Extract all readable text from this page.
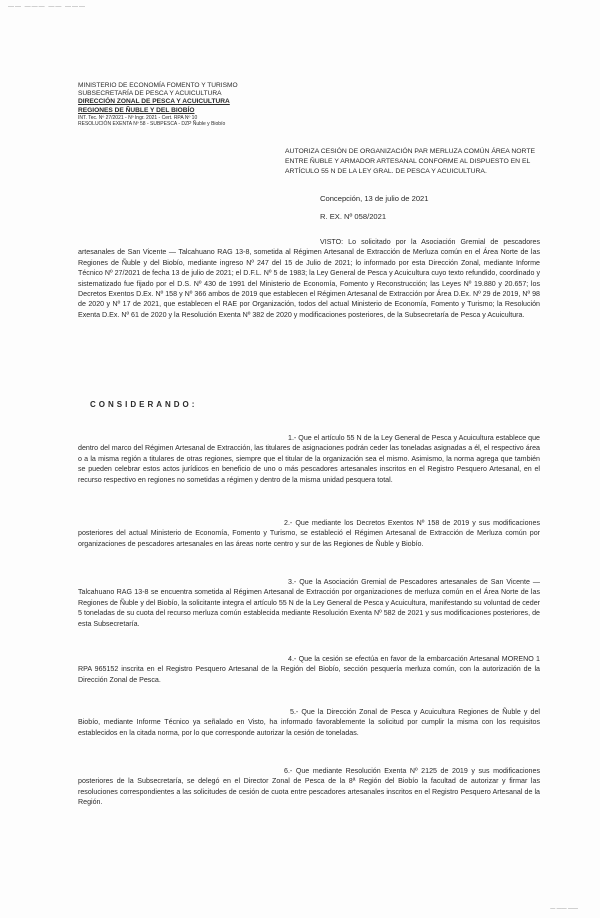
—— ——— —— ———
MINISTERIO DE ECONOMÍA FOMENTO Y TURISMO
SUBSECRETARÍA DE PESCA Y ACUICULTURA
DIRECCIÓN ZONAL DE PESCA Y ACUICULTURA
REGIONES DE ÑUBLE Y DEL BIOBÍO
INT. Tec. Nº 27/2021 - Nº Ingr. 2021 - Cert. RPA Nº 10
RESOLUCIÓN EXENTA Nº 58 - SUBPESCA - DZP Ñuble y Biobío
AUTORIZA CESIÓN DE ORGANIZACIÓN PAR MERLUZA COMÚN ÁREA NORTE ENTRE ÑUBLE Y ARMADOR ARTESANAL CONFORME AL DISPUESTO EN EL ARTÍCULO 55 N DE LA LEY GRAL. DE PESCA Y ACUICULTURA.
Concepción, 13 de julio de 2021
R. EX. Nº 058/2021
VISTO: Lo solicitado por la Asociación Gremial de pescadores artesanales de San Vicente — Talcahuano RAG 13-8, sometida al Régimen Artesanal de Extracción de Merluza común en el Área Norte de las Regiones de Ñuble y del Biobío, mediante ingreso Nº 247 del 15 de Julio de 2021; lo informado por esta Dirección Zonal, mediante Informe Técnico Nº 27/2021 de fecha 13 de julio de 2021; el D.F.L. Nº 5 de 1983; la Ley General de Pesca y Acuicultura cuyo texto refundido, coordinado y sistematizado fue fijado por el D.S. Nº 430 de 1991 del Ministerio de Economía, Fomento y Reconstrucción; las Leyes Nº 19.880 y 20.657; los Decretos Exentos D.Ex. Nº 158 y Nº 366 ambos de 2019 que establecen el Régimen Artesanal de Extracción por Área D.Ex. Nº 29 de 2019, Nº 98 de 2020 y Nº 17 de 2021, que establecen el RAE por Organización, todos del actual Ministerio de Economía, Fomento y Turismo; la Resolución Exenta D.Ex. Nº 61 de 2020 y la Resolución Exenta Nº 382 de 2020 y modificaciones posteriores, de la Subsecretaría de Pesca y Acuicultura.
CONSIDERANDO:
1.- Que el artículo 55 N de la Ley General de Pesca y Acuicultura establece que dentro del marco del Régimen Artesanal de Extracción, las titulares de asignaciones podrán ceder las toneladas asignadas a él, el respectivo área o a la misma región a titulares de otras regiones, siempre que el titular de la organización sea el mismo. Asimismo, la norma agrega que también se pueden celebrar estos actos jurídicos en beneficio de uno o más pescadores artesanales inscritos en el Registro Pesquero Artesanal, en el recurso respectivo en regiones no sometidas a régimen y dentro de la misma unidad pesquera total.
2.- Que mediante los Decretos Exentos Nº 158 de 2019 y sus modificaciones posteriores del actual Ministerio de Economía, Fomento y Turismo, se estableció el Régimen Artesanal de Extracción de Merluza común por organizaciones de pescadores artesanales en las áreas norte centro y sur de las Regiones de Ñuble y Biobío.
3.- Que la Asociación Gremial de Pescadores artesanales de San Vicente — Talcahuano RAG 13-8 se encuentra sometida al Régimen Artesanal de Extracción por organizaciones de merluza común en el Área Norte de las Regiones de Ñuble y del Biobío, la solicitante integra el artículo 55 N de la Ley General de Pesca y Acuicultura, manifestando su voluntad de ceder 5 toneladas de su cuota del recurso merluza común establecida mediante Resolución Exenta Nº 582 de 2021 y sus modificaciones posteriores, de esta Subsecretaría.
4.- Que la cesión se efectúa en favor de la embarcación Artesanal MORENO 1 RPA 965152 inscrita en el Registro Pesquero Artesanal de la Región del Biobío, sección pesquería merluza común, con la autorización de la Dirección Zonal de Pesca.
5.- Que la Dirección Zonal de Pesca y Acuicultura Regiones de Ñuble y del Biobío, mediante Informe Técnico ya señalado en Visto, ha informado favorablemente la solicitud por cumplir la misma con los requisitos establecidos en la citada norma, por lo que corresponde autorizar la cesión de toneladas.
6.- Que mediante Resolución Exenta Nº 2125 de 2019 y sus modificaciones posteriores de la Subsecretaría, se delegó en el Director Zonal de Pesca de la 8ª Región del Biobío la facultad de autorizar y firmar las resoluciones correspondientes a las solicitudes de cesión de cuota entre pescadores artesanales inscritos en el Registro Pesquero Artesanal de la Región.
— —— ——
